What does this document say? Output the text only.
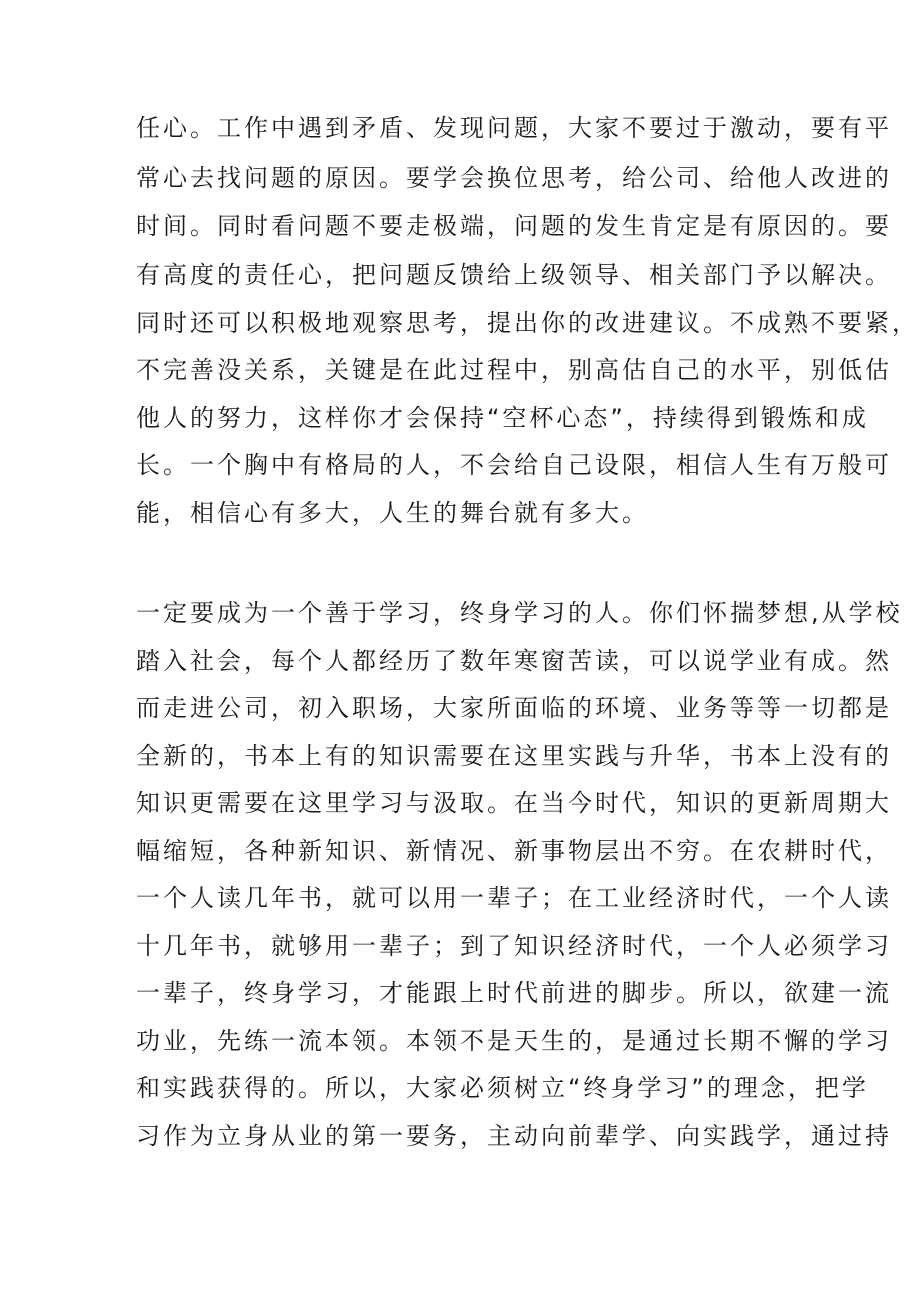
任心。工作中遇到矛盾、发现问题，大家不要过于激动，要有平
常心去找问题的原因。要学会换位思考，给公司、给他人改进的
时间。同时看问题不要走极端，问题的发生肯定是有原因的。要
有高度的责任心，把问题反馈给上级领导、相关部门予以解决。
同时还可以积极地观察思考，提出你的改进建议。不成熟不要紧，
不完善没关系，关键是在此过程中，别高估自己的水平，别低估
他人的努力，这样你才会保持“空杯心态”，持续得到锻炼和成
长。一个胸中有格局的人，不会给自己设限，相信人生有万般可
能，相信心有多大，人生的舞台就有多大。
一定要成为一个善于学习，终身学习的人。你们怀揣梦想,从学校
踏入社会，每个人都经历了数年寒窗苦读，可以说学业有成。然
而走进公司，初入职场，大家所面临的环境、业务等等一切都是
全新的，书本上有的知识需要在这里实践与升华，书本上没有的
知识更需要在这里学习与汲取。在当今时代，知识的更新周期大
幅缩短，各种新知识、新情况、新事物层出不穷。在农耕时代，
一个人读几年书，就可以用一辈子；在工业经济时代，一个人读
十几年书，就够用一辈子；到了知识经济时代，一个人必须学习
一辈子，终身学习，才能跟上时代前进的脚步。所以，欲建一流
功业，先练一流本领。本领不是天生的，是通过长期不懈的学习
和实践获得的。所以，大家必须树立“终身学习”的理念，把学
习作为立身从业的第一要务，主动向前辈学、向实践学，通过持
